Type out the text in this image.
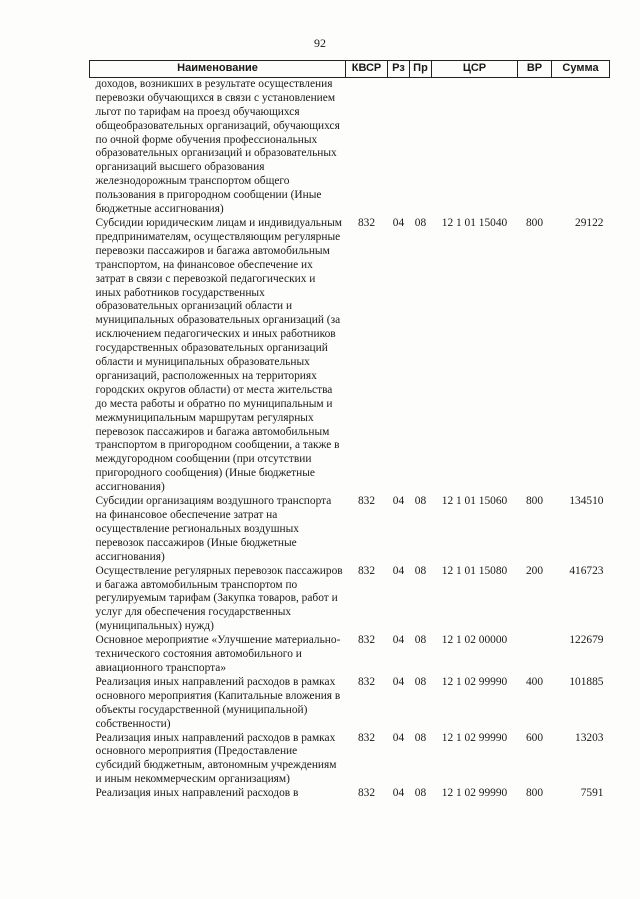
92
Наименование	КВСР	Рз	Пр	ЦСР	ВР	Сумма
доходов, возникших в результате осуществления перевозки обучающихся в связи с установлением льгот по тарифам на проезд обучающихся общеобразовательных организаций, обучающихся по очной форме обучения профессиональных образовательных организаций и образовательных организаций высшего образования железнодорожным транспортом общего пользования в пригородном сообщении (Иные бюджетные ассигнования)						
Субсидии юридическим лицам и индивидуальным предпринимателям, осуществляющим регулярные перевозки пассажиров и багажа автомобильным транспортом, на финансовое обеспечение их затрат в связи с перевозкой педагогических и иных работников государственных образовательных организаций области и муниципальных образовательных организаций (за исключением педагогических и иных работников государственных образовательных организаций области и муниципальных образовательных организаций, расположенных на территориях городских округов области) от места жительства до места работы и обратно по муниципальным и межмуниципальным маршрутам регулярных перевозок пассажиров и багажа автомобильным транспортом в пригородном сообщении, а также в междугородном сообщении (при отсутствии пригородного сообщения) (Иные бюджетные ассигнования)	832	04	08	12 1 01 15040	800	29122
Субсидии организациям воздушного транспорта на финансовое обеспечение затрат на осуществление региональных воздушных перевозок пассажиров (Иные бюджетные ассигнования)	832	04	08	12 1 01 15060	800	134510
Осуществление регулярных перевозок пассажиров и багажа автомобильным транспортом по регулируемым тарифам (Закупка товаров, работ и услуг для обеспечения государственных (муниципальных) нужд)	832	04	08	12 1 01 15080	200	416723
Основное мероприятие «Улучшение материально-технического состояния автомобильного и авиационного транспорта»	832	04	08	12 1 02 00000		122679
Реализация иных направлений расходов в рамках основного мероприятия (Капитальные вложения в объекты государственной (муниципальной) собственности)	832	04	08	12 1 02 99990	400	101885
Реализация иных направлений расходов в рамках основного мероприятия (Предоставление субсидий бюджетным, автономным учреждениям и иным некоммерческим организациям)	832	04	08	12 1 02 99990	600	13203
Реализация иных направлений расходов в	832	04	08	12 1 02 99990	800	7591
